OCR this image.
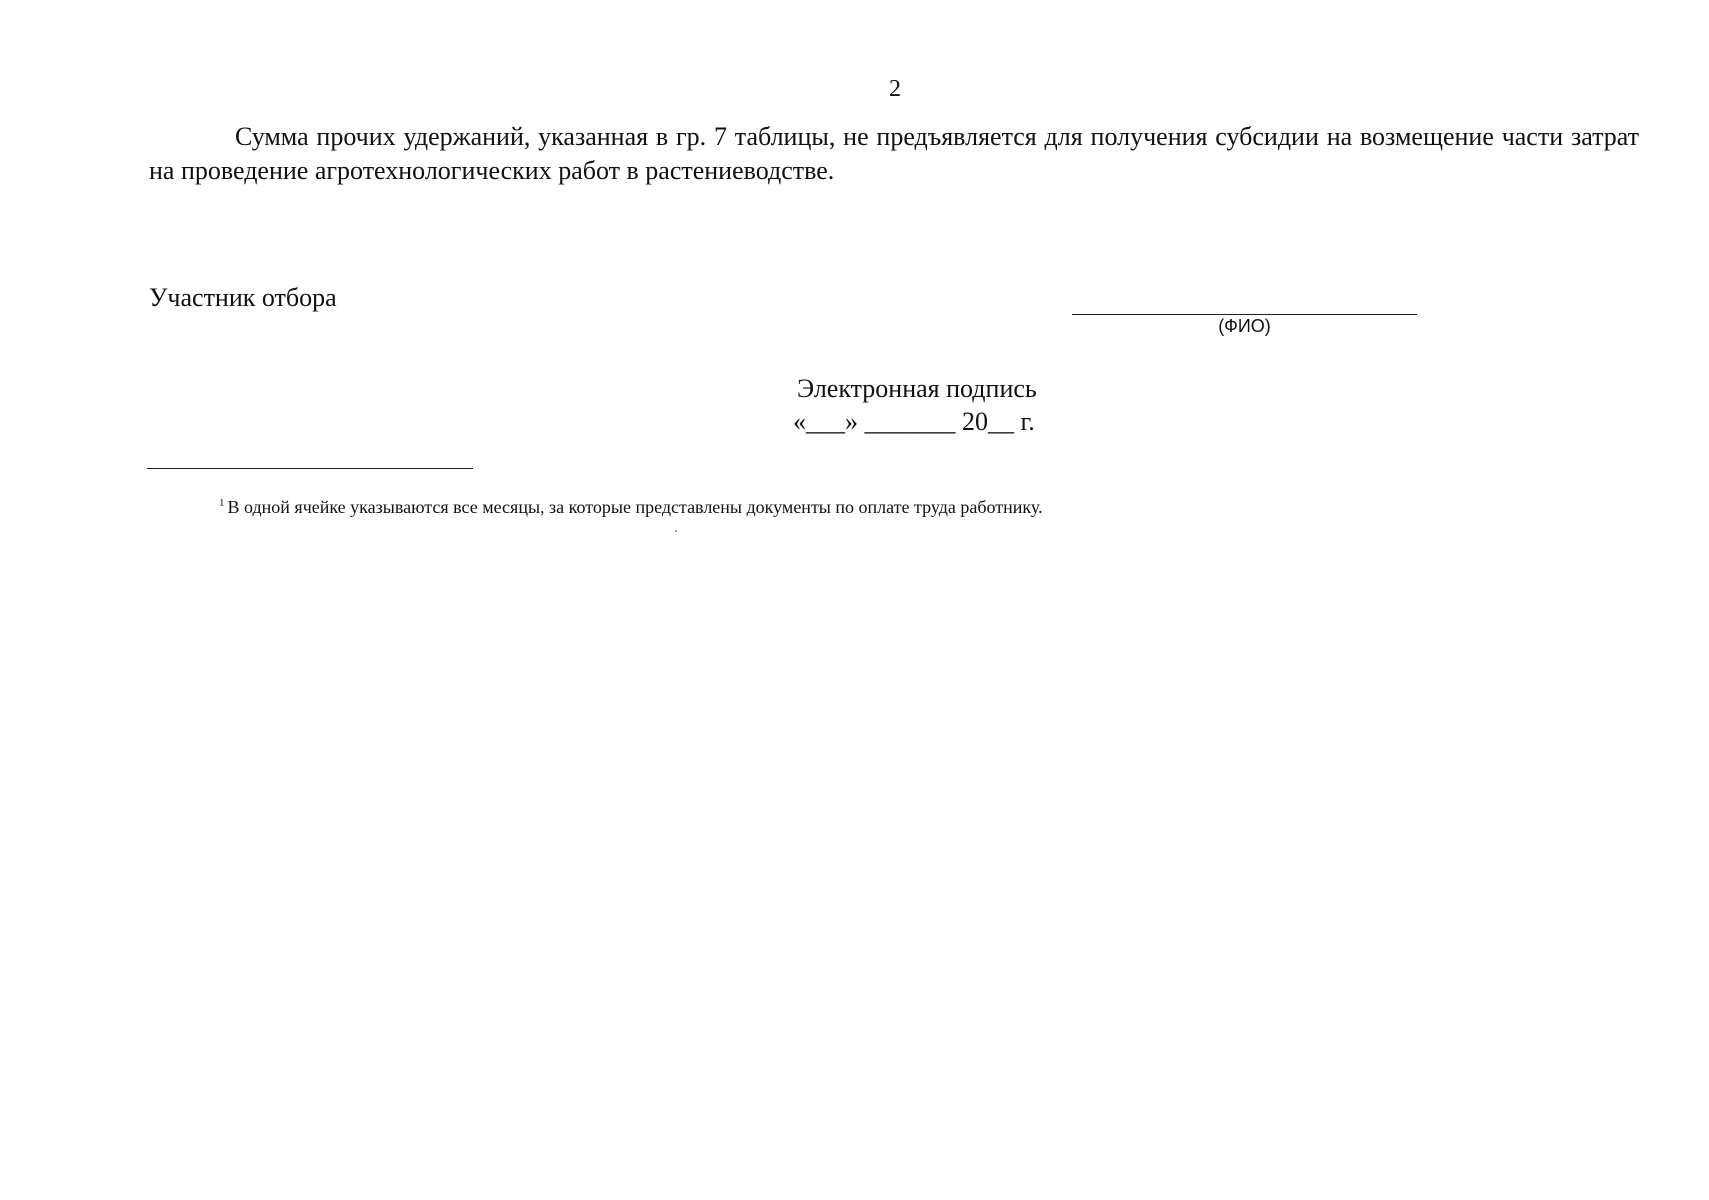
2

Сумма прочих удержаний, указанная в гр. 7 таблицы, не предъявляется для получения субсидии на возмещение части затрат на проведение агротехнологических работ в растениеводстве.

Участник отбора
(ФИО)
Электронная подпись
«___» _______ 20__ г.
$^1$ В одной ячейке указываются все месяцы, за которые представлены документы по оплате труда работнику.
